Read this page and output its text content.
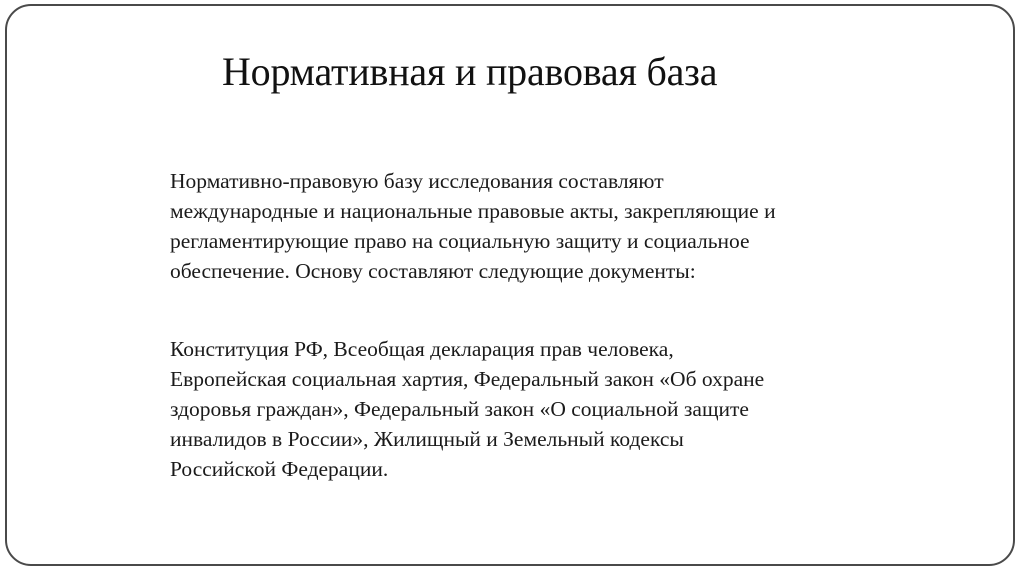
Нормативная и правовая база
Нормативно-правовую базу исследования составляют
международные и национальные правовые акты, закрепляющие и
регламентирующие право на социальную защиту и социальное
обеспечение. Основу составляют следующие документы:
Конституция РФ, Всеобщая декларация прав человека,
Европейская социальная хартия, Федеральный закон «Об охране
здоровья граждан», Федеральный закон «О социальной защите
инвалидов в России», Жилищный и Земельный кодексы
Российской Федерации.
